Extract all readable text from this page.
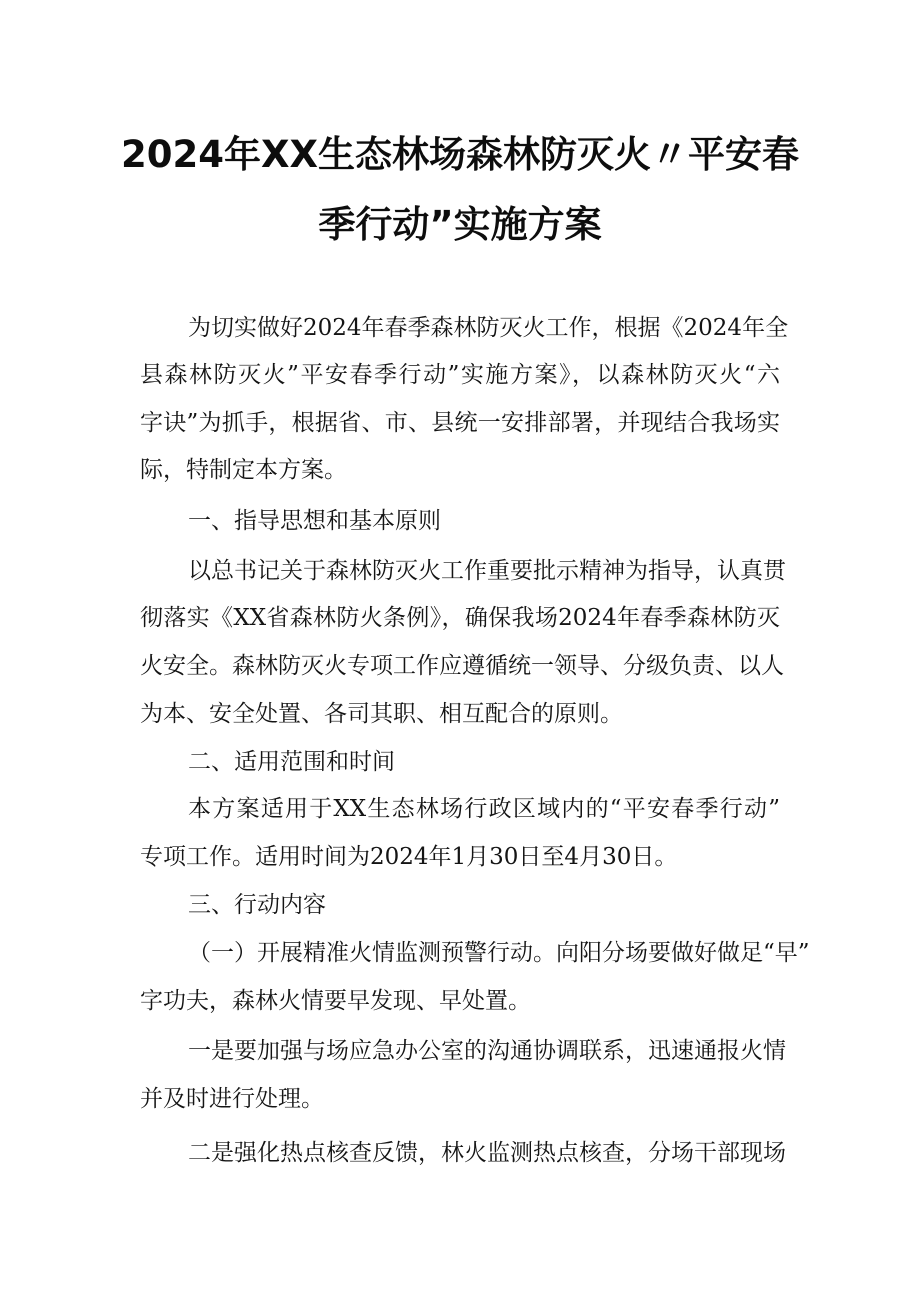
2024年XX生态林场森林防灭火〃平安春
季行动”实施方案
为切实做好2024年春季森林防灭火工作，根据《2024年全
县森林防灭火”平安春季行动”实施方案》，以森林防灭火“六
字诀”为抓手，根据省、市、县统一安排部署，并现结合我场实
际，特制定本方案。
一、指导思想和基本原则
以总书记关于森林防灭火工作重要批示精神为指导，认真贯
彻落实《XX省森林防火条例》，确保我场2024年春季森林防灭
火安全。森林防灭火专项工作应遵循统一领导、分级负责、以人
为本、安全处置、各司其职、相互配合的原则。
二、适用范围和时间
本方案适用于XX生态林场行政区域内的“平安春季行动”
专项工作。适用时间为2024年1月30日至4月30日。
三、行动内容
（一）开展精准火情监测预警行动。向阳分场要做好做足“早”
字功夫，森林火情要早发现、早处置。
一是要加强与场应急办公室的沟通协调联系，迅速通报火情
并及时进行处理。
二是强化热点核查反馈，林火监测热点核查，分场干部现场
